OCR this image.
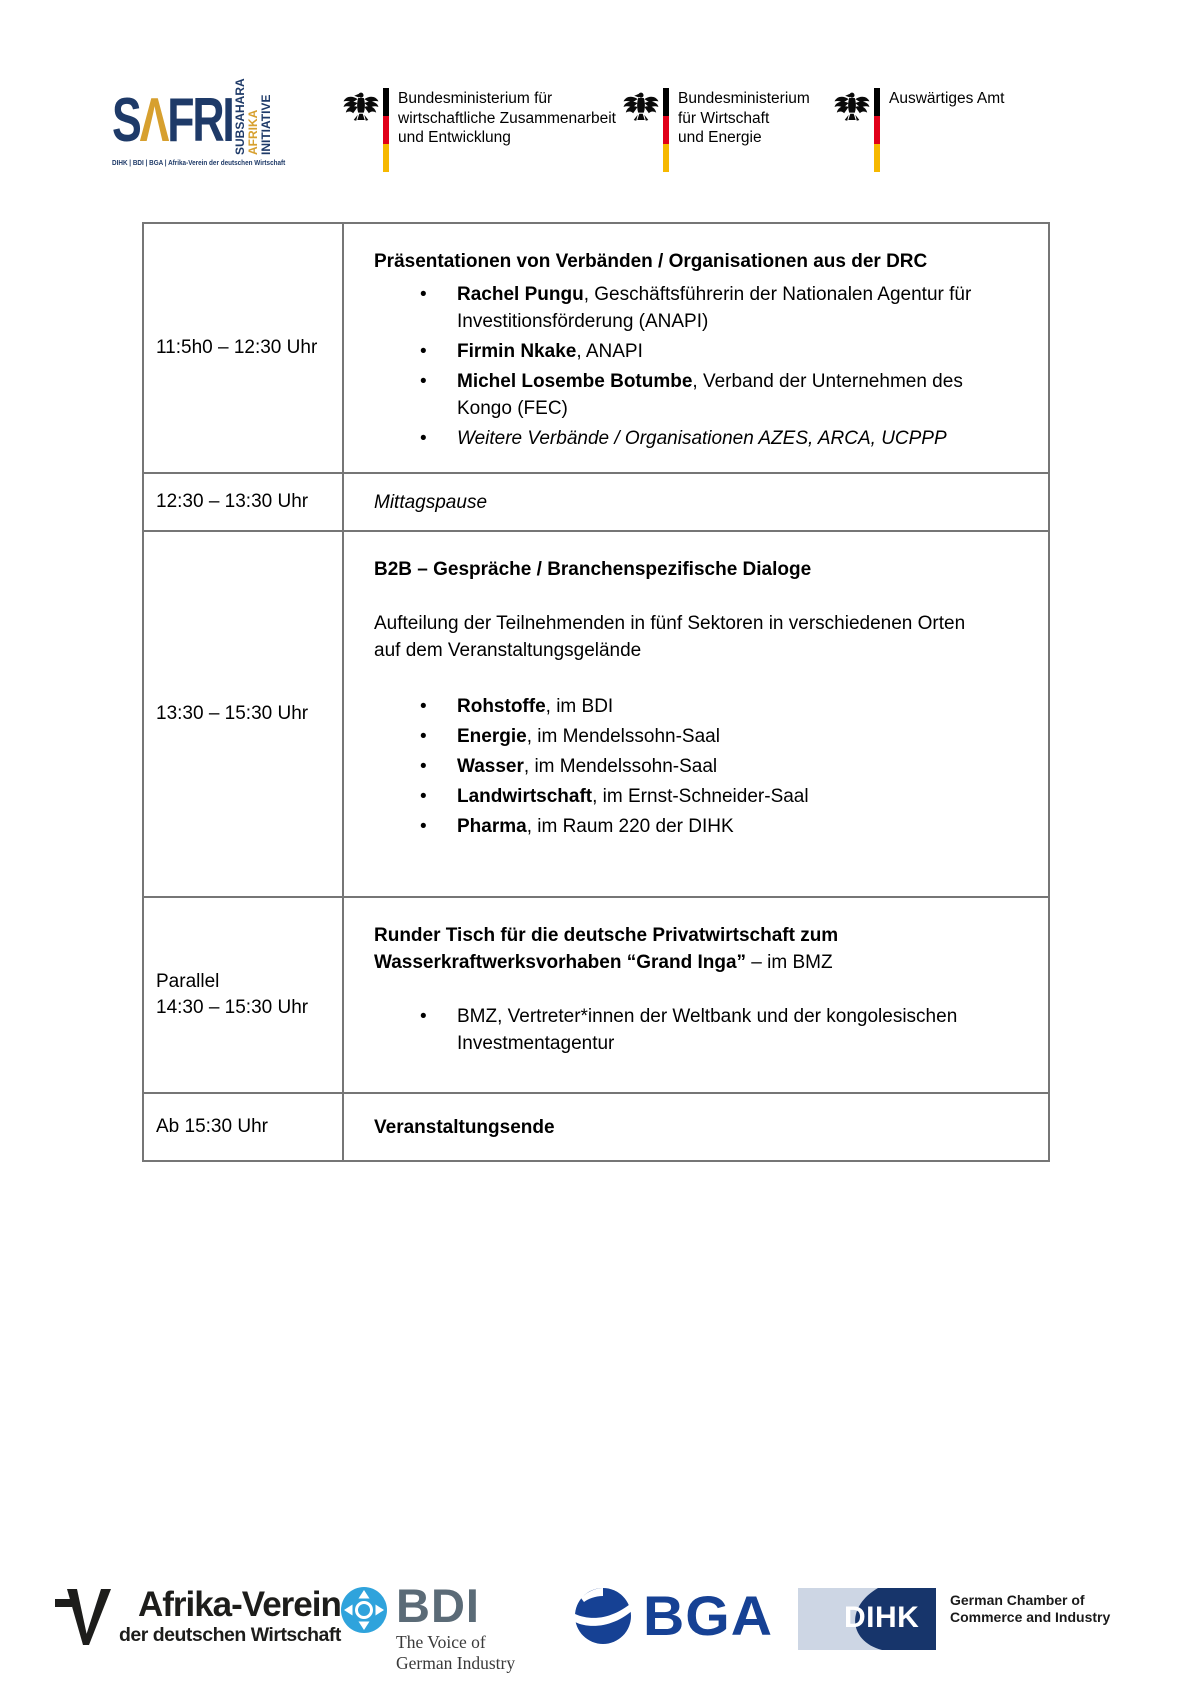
SΛFRI SUBSAHARA AFRIKA INITIATIVE
DIHK | BDI | BGA | Afrika-Verein der deutschen Wirtschaft
Bundesministerium für
wirtschaftliche Zusammenarbeit
und Entwicklung
Bundesministerium
für Wirtschaft
und Energie
Auswärtiges Amt
11:5h0 – 12:30 Uhr
Präsentationen von Verbänden / Organisationen aus der DRC
•
Rachel Pungu, Geschäftsführerin der Nationalen Agentur für Investitionsförderung (ANAPI)
•
Firmin Nkake, ANAPI
•
Michel Losembe Botumbe, Verband der Unternehmen des Kongo (FEC)
•
Weitere Verbände / Organisationen AZES, ARCA, UCPPP
12:30 – 13:30 Uhr	Mittagspause
13:30 – 15:30 Uhr
B2B – Gespräche / Branchenspezifische Dialoge
Aufteilung der Teilnehmenden in fünf Sektoren in verschiedenen Orten auf dem Veranstaltungsgelände
•
Rohstoffe, im BDI
•
Energie, im Mendelssohn-Saal
•
Wasser, im Mendelssohn-Saal
•
Landwirtschaft, im Ernst-Schneider-Saal
•
Pharma, im Raum 220 der DIHK
Parallel
14:30 – 15:30 Uhr
Runder Tisch für die deutsche Privatwirtschaft zum Wasserkraftwerksvorhaben “Grand Inga” – im BMZ
•
BMZ, Vertreter*innen der Weltbank und der kongolesischen Investmentagentur
Ab 15:30 Uhr	Veranstaltungsende
Afrika-Verein
der deutschen Wirtschaft
BDI
The Voice of
German Industry
BGA DIHK
German Chamber of
Commerce and Industry
